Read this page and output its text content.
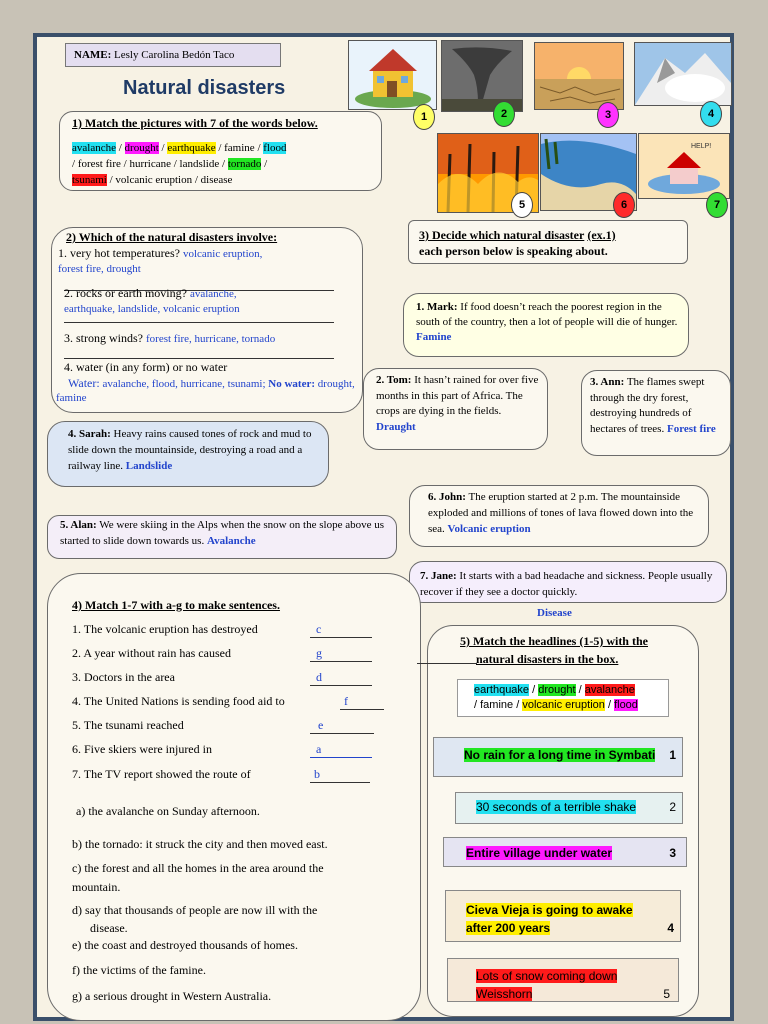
NAME: Lesly Carolina Bedón Taco
Natural disasters
HELP!
1	2	3	4
5	6	7
1) Match the pictures with 7 of the words below.
avalanche / drought / earthquake / famine / flood
/ forest fire / hurricane / landslide / tornado /
tsunami / volcanic eruption / disease
2) Which of the natural disasters involve:
1. very hot temperatures? volcanic eruption,
forest fire, drought
2. rocks or earth moving? avalanche,
earthquake, landslide, volcanic eruption
3. strong winds? forest fire, hurricane, tornado
4. water (in any form) or no water
Water: avalanche, flood, hurricane, tsunami; No water: drought, famine
3) Decide which natural disaster (ex.1)
each person below is speaking about.
1. Mark: If food doesn’t reach the poorest region in the south of the country, then a lot of people will die of hunger. Famine
2. Tom: It hasn’t rained for over five months in this part of Africa. The crops are dying in the fields. Draught
3. Ann: The flames swept through the dry forest, destroying hundreds of hectares of trees. Forest fire
4. Sarah: Heavy rains caused tones of rock and mud to slide down the mountainside, destroying a road and a railway line. Landslide
6. John: The eruption started at 2 p.m. The mountainside exploded and millions of tones of lava flowed down into the sea. Volcanic eruption
5. Alan: We were skiing in the Alps when the snow on the slope above us started to slide down towards us. Avalanche
7. Jane: It starts with a bad headache and sickness. People usually recover if they see a doctor quickly.
Disease
4) Match 1-7 with a-g to make sentences.
1. The volcanic eruption has destroyed	c
2. A year without rain has caused	g
3. Doctors in the area	d
4. The United Nations is sending food aid to	f
5. The tsunami reached	e
6. Five skiers were injured in	a
7. The TV report showed the route of	b
a) the avalanche on Sunday afternoon.
b) the tornado: it struck the city and then moved east.
c) the forest and all the homes in the area around the
mountain.
d) say that thousands of people are now ill with the
disease.
e) the coast and destroyed thousands of homes.
f) the victims of the famine.
g) a serious drought in Western Australia.
5) Match the headlines (1-5) with the
natural disasters in the box.
earthquake / drought / avalanche
/ famine / volcanic eruption / flood
No rain for a long time in Symbati 1
30 seconds of a terrible shake	2
Entire village under water	3
Cieva Vieja is going to awake after 200 years	4
Lots of snow coming down Weisshorn	5
